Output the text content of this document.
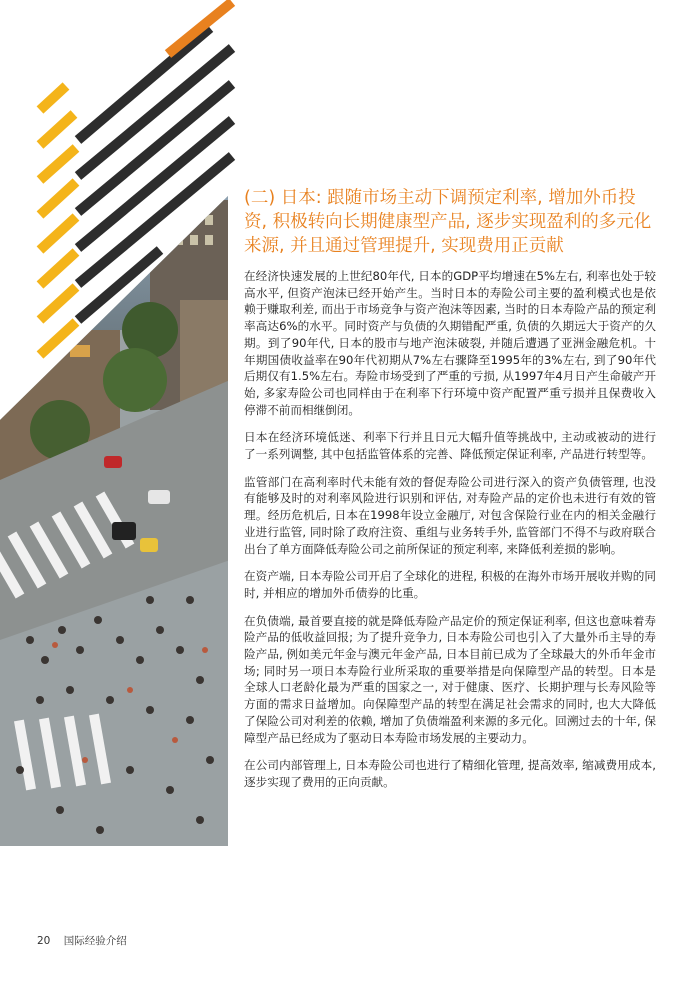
(二) 日本: 跟随市场主动下调预定利率, 增加外币投资, 积极转向长期健康型产品, 逐步实现盈利的多元化来源, 并且通过管理提升, 实现费用正贡献

在经济快速发展的上世纪80年代, 日本的GDP平均增速在5%左右, 利率也处于较高水平, 但资产泡沫已经开始产生。当时日本的寿险公司主要的盈利模式也是依赖于赚取利差, 而出于市场竞争与资产泡沫等因素, 当时的日本寿险产品的预定利率高达6%的水平。同时资产与负债的久期错配严重, 负债的久期远大于资产的久期。到了90年代, 日本的股市与地产泡沫破裂, 并随后遭遇了亚洲金融危机。十年期国债收益率在90年代初期从7%左右骤降至1995年的3%左右, 到了90年代后期仅有1.5%左右。寿险市场受到了严重的亏损, 从1997年4月日产生命破产开始, 多家寿险公司也同样由于在利率下行环境中资产配置严重亏损并且保费收入停滞不前而相继倒闭。

日本在经济环境低迷、利率下行并且日元大幅升值等挑战中, 主动或被动的进行了一系列调整, 其中包括监管体系的完善、降低预定保证利率, 产品进行转型等。

监管部门在高利率时代未能有效的督促寿险公司进行深入的资产负债管理, 也没有能够及时的对利率风险进行识别和评估, 对寿险产品的定价也未进行有效的管理。经历危机后, 日本在1998年设立金融厅, 对包含保险行业在内的相关金融行业进行监管, 同时除了政府注资、重组与业务转手外, 监管部门不得不与政府联合出台了单方面降低寿险公司之前所保证的预定利率, 来降低利差损的影响。

在资产端, 日本寿险公司开启了全球化的进程, 积极的在海外市场开展收并购的同时, 并相应的增加外币债券的比重。

在负债端, 最首要直接的就是降低寿险产品定价的预定保证利率, 但这也意味着寿险产品的低收益回报; 为了提升竞争力, 日本寿险公司也引入了大量外币主导的寿险产品, 例如美元年金与澳元年金产品, 日本目前已成为了全球最大的外币年金市场; 同时另一项日本寿险行业所采取的重要举措是向保障型产品的转型。日本是全球人口老龄化最为严重的国家之一, 对于健康、医疗、长期护理与长寿风险等方面的需求日益增加。向保障型产品的转型在满足社会需求的同时, 也大大降低了保险公司对利差的依赖, 增加了负债端盈利来源的多元化。回溯过去的十年, 保障型产品已经成为了驱动日本寿险市场发展的主要动力。

在公司内部管理上, 日本寿险公司也进行了精细化管理, 提高效率, 缩减费用成本, 逐步实现了费用的正向贡献。

20 国际经验介绍
